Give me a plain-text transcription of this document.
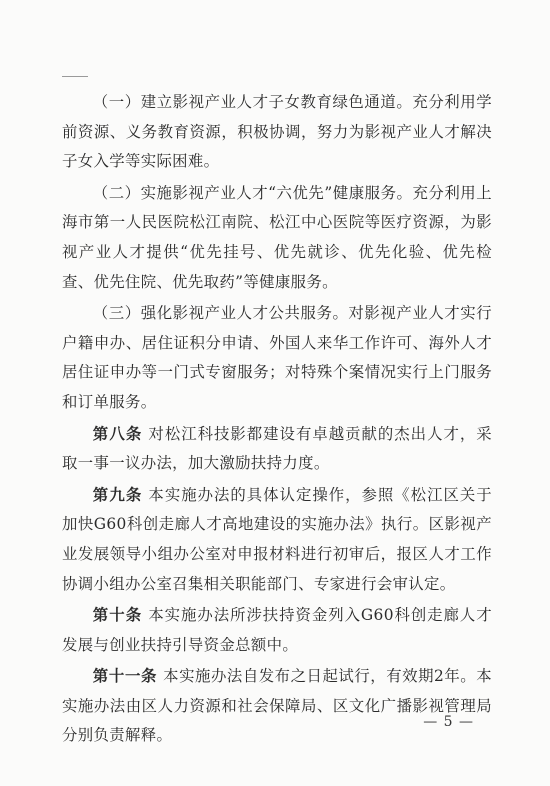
（一）建立影视产业人才子女教育绿色通道。充分利用学前资源、义务教育资源，积极协调，努力为影视产业人才解决子女入学等实际困难。

（二）实施影视产业人才“六优先”健康服务。充分利用上海市第一人民医院松江南院、松江中心医院等医疗资源，为影视产业人才提供“优先挂号、优先就诊、优先化验、优先检查、优先住院、优先取药”等健康服务。

（三）强化影视产业人才公共服务。对影视产业人才实行户籍申办、居住证积分申请、外国人来华工作许可、海外人才居住证申办等一门式专窗服务；对特殊个案情况实行上门服务和订单服务。

第八条 对松江科技影都建设有卓越贡献的杰出人才，采取一事一议办法，加大激励扶持力度。

第九条 本实施办法的具体认定操作，参照《松江区关于加快G60科创走廊人才高地建设的实施办法》执行。区影视产业发展领导小组办公室对申报材料进行初审后，报区人才工作协调小组办公室召集相关职能部门、专家进行会审认定。

第十条 本实施办法所涉扶持资金列入G60科创走廊人才发展与创业扶持引导资金总额中。

第十一条 本实施办法自发布之日起试行，有效期2年。本实施办法由区人力资源和社会保障局、区文化广播影视管理局分别负责解释。

— 5 —
